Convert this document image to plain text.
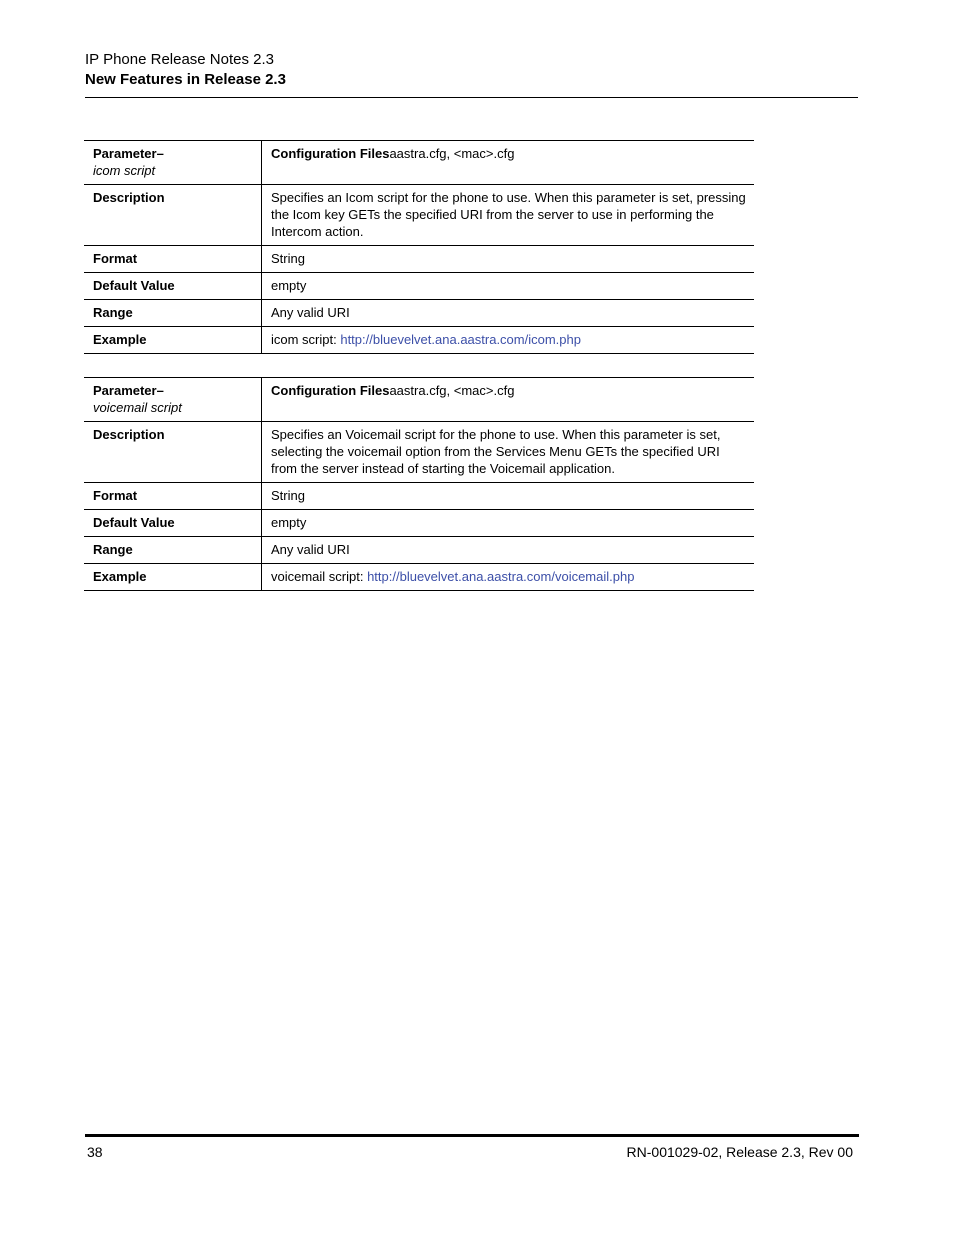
IP Phone Release Notes 2.3
New Features in Release 2.3
Parameter–
icom script	Configuration Filesaastra.cfg, <mac>.cfg
Description	Specifies an Icom script for the phone to use. When this parameter is set, pressing the Icom key GETs the specified URI from the server to use in performing the Intercom action.
Format	String
Default Value	empty
Range	Any valid URI
Example	icom script: http://bluevelvet.ana.aastra.com/icom.php
Parameter–
voicemail script	Configuration Filesaastra.cfg, <mac>.cfg
Description	Specifies an Voicemail script for the phone to use. When this parameter is set, selecting the voicemail option from the Services Menu GETs the specified URI from the server instead of starting the Voicemail application.
Format	String
Default Value	empty
Range	Any valid URI
Example	voicemail script: http://bluevelvet.ana.aastra.com/voicemail.php
38	RN-001029-02, Release 2.3, Rev 00
